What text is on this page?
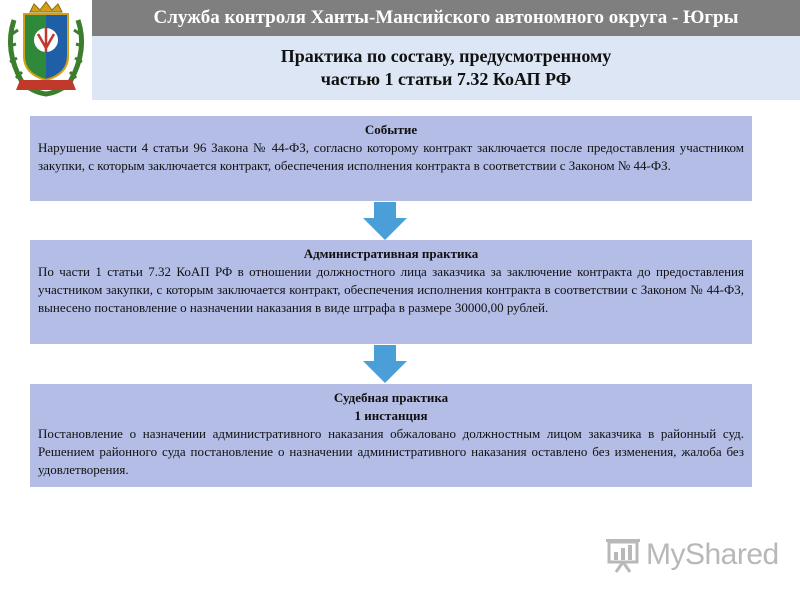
Служба контроля Ханты-Мансийского автономного округа - Югры
Практика по составу, предусмотренному
частью 1 статьи 7.32 КоАП РФ
Событие
Нарушение части 4 статьи 96 Закона № 44-ФЗ, согласно которому контракт заключается после предоставления участником закупки, с которым заключается контракт, обеспечения исполнения контракта в соответствии с Законом № 44-ФЗ.
Административная практика
По части 1 статьи 7.32 КоАП РФ в отношении должностного лица заказчика за заключение контракта до предоставления участником закупки, с которым заключается контракт, обеспечения исполнения контракта в соответствии с Законом № 44-ФЗ, вынесено постановление о назначении наказания в виде штрафа в размере 30000,00 рублей.
Судебная практика
1 инстанция
Постановление о назначении административного наказания обжаловано должностным лицом заказчика в районный суд. Решением районного суда постановление о назначении административного наказания оставлено без изменения, жалоба без удовлетворения.
MyShared
